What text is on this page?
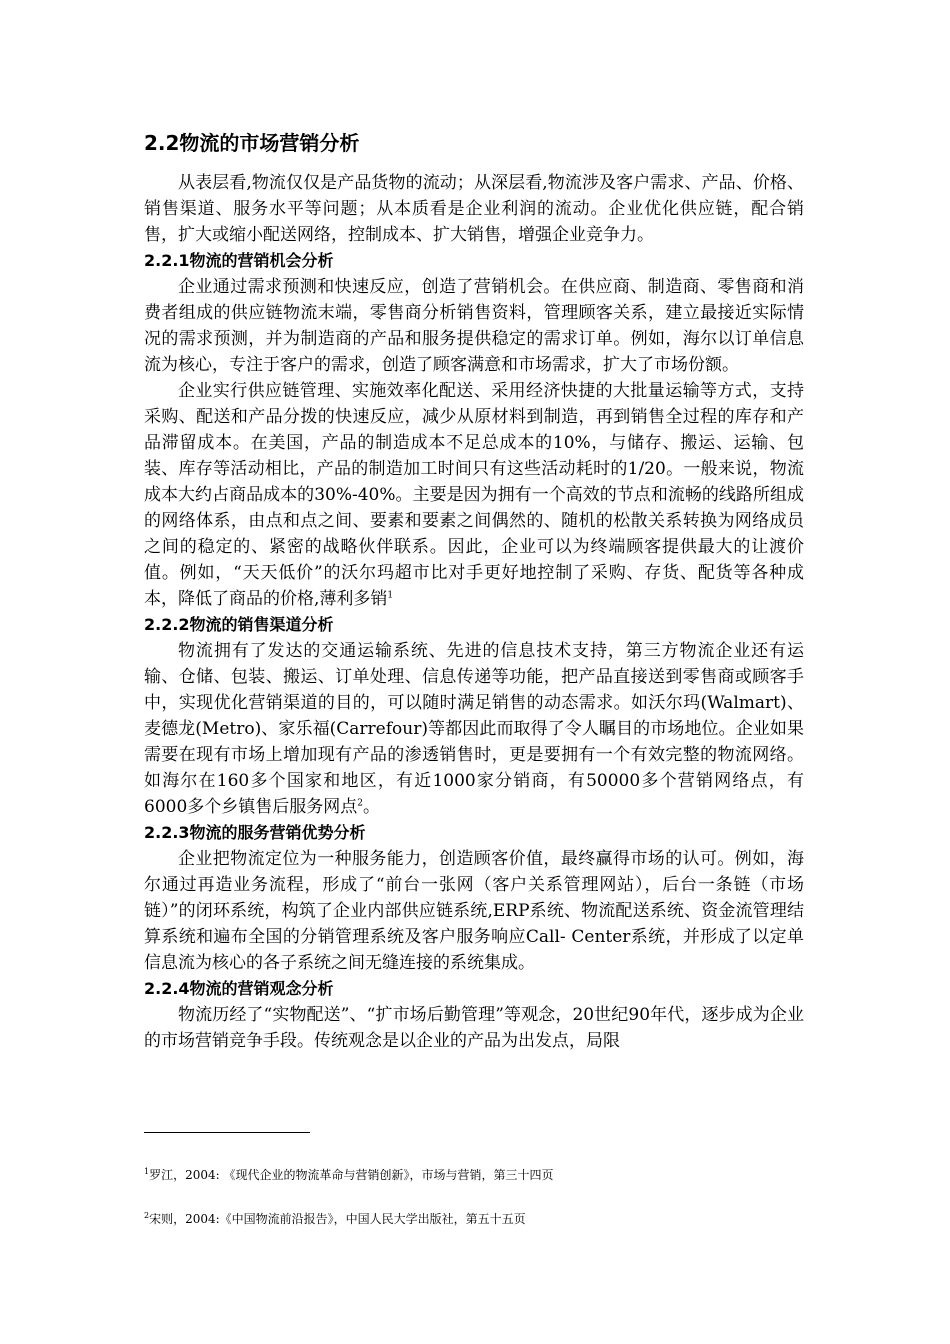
2.2物流的市场营销分析

从表层看,物流仅仅是产品货物的流动；从深层看,物流涉及客户需求、产品、价格、销售渠道、服务水平等问题；从本质看是企业利润的流动。企业优化供应链，配合销售，扩大或缩小配送网络，控制成本、扩大销售，增强企业竞争力。

2.2.1物流的营销机会分析

企业通过需求预测和快速反应，创造了营销机会。在供应商、制造商、零售商和消费者组成的供应链物流末端，零售商分析销售资料，管理顾客关系，建立最接近实际情况的需求预测，并为制造商的产品和服务提供稳定的需求订单。例如，海尔以订单信息流为核心，专注于客户的需求，创造了顾客满意和市场需求，扩大了市场份额。

企业实行供应链管理、实施效率化配送、采用经济快捷的大批量运输等方式，支持采购、配送和产品分拨的快速反应，减少从原材料到制造，再到销售全过程的库存和产品滞留成本。在美国，产品的制造成本不足总成本的10%，与储存、搬运、运输、包装、库存等活动相比，产品的制造加工时间只有这些活动耗时的1/20。一般来说，物流成本大约占商品成本的30%-40%。主要是因为拥有一个高效的节点和流畅的线路所组成的网络体系，由点和点之间、要素和要素之间偶然的、随机的松散关系转换为网络成员之间的稳定的、紧密的战略伙伴联系。因此，企业可以为终端顾客提供最大的让渡价值。例如，“天天低价”的沃尔玛超市比对手更好地控制了采购、存货、配货等各种成本，降低了商品的价格,薄利多销$^1$

2.2.2物流的销售渠道分析

物流拥有了发达的交通运输系统、先进的信息技术支持，第三方物流企业还有运输、仓储、包装、搬运、订单处理、信息传递等功能，把产品直接送到零售商或顾客手中，实现优化营销渠道的目的，可以随时满足销售的动态需求。如沃尔玛(Walmart)、麦德龙(Metro)、家乐福(Carrefour)等都因此而取得了令人瞩目的市场地位。企业如果需要在现有市场上增加现有产品的渗透销售时，更是要拥有一个有效完整的物流网络。如海尔在160多个国家和地区，有近1000家分销商，有50000多个营销网络点，有6000多个乡镇售后服务网点$^2$。

2.2.3物流的服务营销优势分析

企业把物流定位为一种服务能力，创造顾客价值，最终赢得市场的认可。例如，海尔通过再造业务流程，形成了“前台一张网（客户关系管理网站），后台一条链（市场链）”的闭环系统，构筑了企业内部供应链系统,ERP系统、物流配送系统、资金流管理结算系统和遍布全国的分销管理系统及客户服务响应Call- Center系统，并形成了以定单信息流为核心的各子系统之间无缝连接的系统集成。

2.2.4物流的营销观念分析

物流历经了“实物配送”、“扩市场后勤管理”等观念，20世纪90年代，逐步成为企业的市场营销竞争手段。传统观念是以企业的产品为出发点，局限

$^1$罗江，2004: 《现代企业的物流革命与营销创新》，市场与营销，第三十四页
$^2$宋则，2004:《中国物流前沿报告》，中国人民大学出版社，第五十五页
